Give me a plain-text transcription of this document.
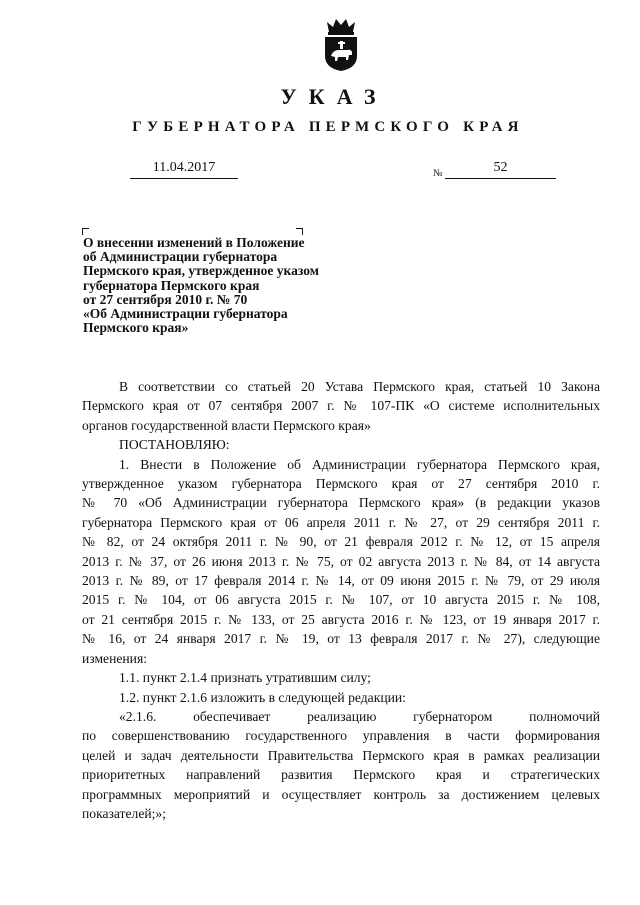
УКАЗ
ГУБЕРНАТОРА ПЕРМСКОГО КРАЯ
11.04.2017	№	52
О внесении изменений в Положение
об Администрации губернатора
Пермского края, утвержденное указом
губернатора Пермского края
от 27 сентября 2010 г. № 70
«Об Администрации губернатора
Пермского края»

В соответствии со статьей 20 Устава Пермского края, статьей 10 Закона

Пермского края от 07 сентября 2007 г. № 107-ПК «О системе исполнительных

органов государственной власти Пермского края»

ПОСТАНОВЛЯЮ:

1. Внести в Положение об Администрации губернатора Пермского края,

утвержденное указом губернатора Пермского края от 27 сентября 2010 г.

№ 70 «Об Администрации губернатора Пермского края» (в редакции указов

губернатора Пермского края от 06 апреля 2011 г. № 27, от 29 сентября 2011 г.

№ 82, от 24 октября 2011 г. № 90, от 21 февраля 2012 г. № 12, от 15 апреля

2013 г. № 37, от 26 июня 2013 г. № 75, от 02 августа 2013 г. № 84, от 14 августа

2013 г. № 89, от 17 февраля 2014 г. № 14, от 09 июня 2015 г. № 79, от 29 июля

2015 г. № 104, от 06 августа 2015 г. № 107, от 10 августа 2015 г. № 108,

от 21 сентября 2015 г. № 133, от 25 августа 2016 г. № 123, от 19 января 2017 г.

№ 16, от 24 января 2017 г. № 19, от 13 февраля 2017 г. № 27), следующие

изменения:

1.1. пункт 2.1.4 признать утратившим силу;

1.2. пункт 2.1.6 изложить в следующей редакции:

«2.1.6. обеспечивает реализацию губернатором полномочий

по совершенствованию государственного управления в части формирования

целей и задач деятельности Правительства Пермского края в рамках реализации

приоритетных направлений развития Пермского края и стратегических

программных мероприятий и осуществляет контроль за достижением целевых

показателей;»;
